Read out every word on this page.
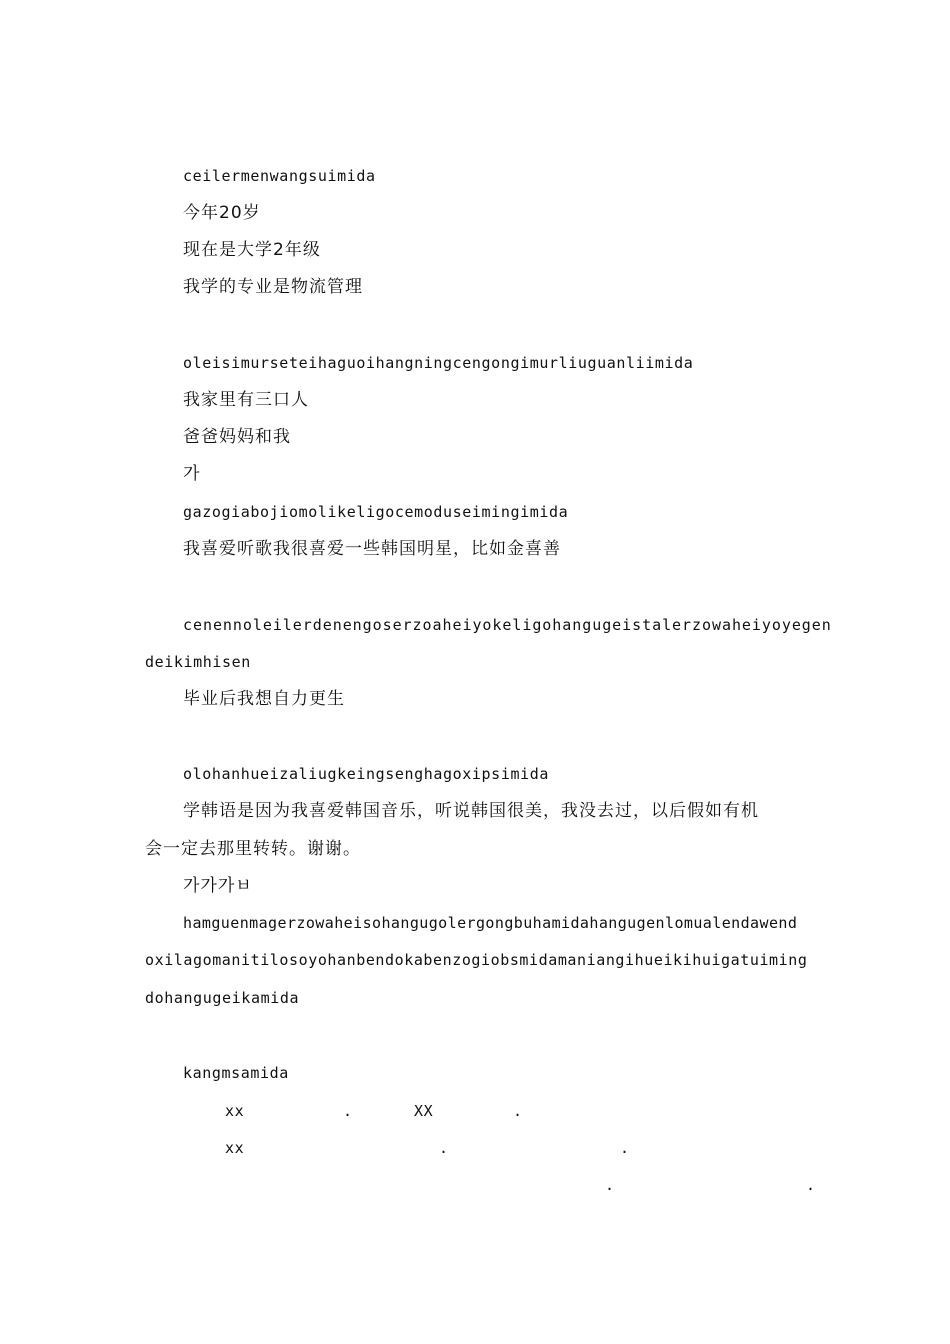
ceilermenwangsuimida
今年20岁
现在是大学2年级
我学的专业是物流管理
oleisimurseteihaguoihangningcengongimurliuguanliimida
我家里有三口人
爸爸妈妈和我
가
gazogiabojiomolikeligocemoduseimingimida
我喜爱听歌我很喜爱一些韩国明星，比如金喜善
cenennoleilerdenengoserzoaheiyokeligohangugeistalerzowaheiyoyegen
deikimhisen
毕业后我想自力更生
olohanhueizaliugkeingsenghagoxipsimida
学韩语是因为我喜爱韩国音乐，听说韩国很美，我没去过，以后假如有机
会一定去那里转转。谢谢。
가가가ㅂ
hamguenmagerzowaheisohangugolergongbuhamidahangugenlomualendawend
oxilagomanitilosoyohanbendokabenzogiobsmidamaniangihueikihuigatuiming
dohangugeikamida
kangmsamida
xx	.	XX	.
xx	.	.
.	.
